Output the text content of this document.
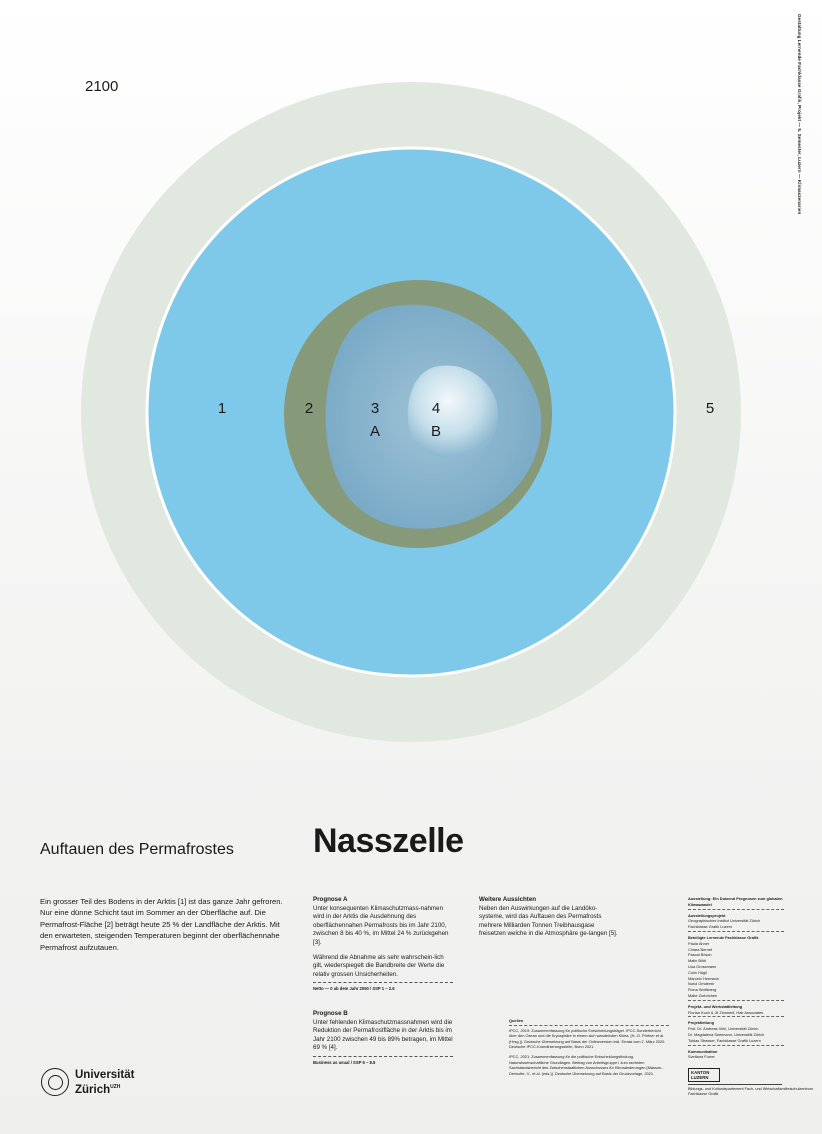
2100	Gestaltung Lernende Fachklasse Grafik, Projekt — 5. Semester, Luzern — Klimaszenarien
1	2	3	4	5
A	B
Auftauen des Permafrostes Nasszelle
Ein grosser Teil des Bodens in der Arktis [1] ist das ganze Jahr gefroren. Nur eine dünne Schicht taut im Sommer an der Oberfläche auf. Die Permafrost-Fläche [2] beträgt heute 25 % der Landfläche der Arktis. Mit den erwarteten, steigenden Temperaturen beginnt der oberflächennahe Permafrost aufzutauen.
Prognose A
Unter konsequenten Klimaschutzmass-nahmen wird in der Arktis die Ausdehnung des oberflächennahen Permafrosts bis im Jahr 2100, zwischen 8 bis 40 %, im Mittel 24 % zurückgehen [3].
Während die Abnahme als sehr wahrschein-lich gilt, wiederspiegelt die Bandbreite der Werte die relativ grossen Unsicherheiten.
Netto — 0 ab dem Jahr 2050 / SSP 1 – 2.6
Prognose B
Unter fehlenden Klimaschutzmassnahmen wird die Reduktion der Permafrostfläche in der Arktis bis im Jahr 2100 zwischen 49 bis 89% betragen, im Mittel 69 % [4].
Business as usual / SSP 5 – 8.5
Weitere Aussichten
Neben den Auswirkungen auf die Landöko-systeme, wird das Auftauen des Permafrosts mehrere Milliarden Tonnen Treibhausgase freisetzen welche in die Atmosphäre ge-langen [5].
Quellen
IPCC, 2019: Zusammenfassung für politische Entscheidungsträger. IPCC-Sonderbericht über den Ozean und die Kryosphäre in einem sich wandelnden Klima. [H.-O. Pörtner et al. (Hrsg.)]. Deutsche Übersetzung auf Basis der Onlineversion inkl. Errata vom 2. März 2020. Deutsche IPCC-Koordinierungsstelle, Bonn 2021.
IPCC, 2021: Zusammenfassung für die politische Entscheidungsfindung. Naturwissenschaftliche Grundlagen. Beitrag von Arbeitsgruppe I zum sechsten Sachstandsbericht des Zwischenstaatlichen Ausschusses für Klimaänderungen [Masson-Delmotte, V., et al. (eds.)]. Deutsche Übersetzung auf Basis der Druckvorlage, 2021.
Ausstellung: Ein Dutzend Prognosen zum globalen Klimawandel
Ausstellungsprojekt
Geographisches Institut Universität Zürich
Fachklasse Grafik Luzern
Beteiligte Lernende Fachklasse Grafik
Paula Ahner
Chiara Bernet
Pascal Bösch
Malin Blöh
Lisa Grossmann
Colin Hügli
Marcelo Hermann
Nurul Omdemir
Fiona Wolfsberg
Malte Zurbrichen
Projekt- und Werkstattleitung
Florian Koch & Jil Zimmerli, Hair Associates
Projektleitung
Prof. Dr. Andreas Vieli, Universität Zürich
Dr. Magdalena Seelmann, Universität Zürich
Tobias Strasser, Fachklasse Grafik Luzern
Kommunikation
Svetlana Furrer
Universität
Zürich$^{UZH}$
KANTON LUZERN
Bildungs- und Kulturdepartement Fach- und Wirtschaftsmittelschulzentrum Fachklasse Grafik
